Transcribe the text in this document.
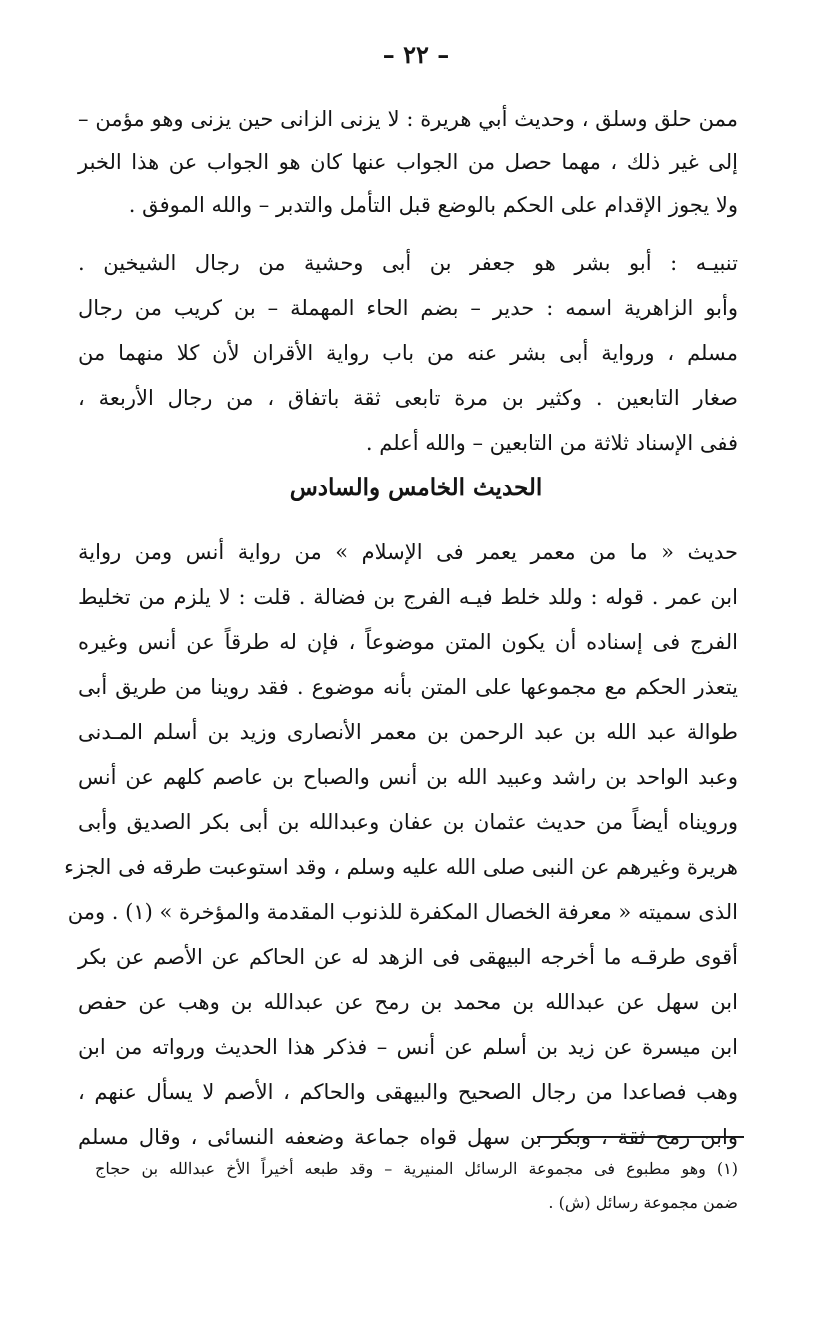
– ٢٢ –
ممن حلق وسلق ، وحديث أبي هريرة : لا يزنى الزانى حين يزنى وهو مؤمن –
إلى غير ذلك ، مهما حصل من الجواب عنها كان هو الجواب عن هذا الخبر
ولا يجوز الإقدام على الحكم بالوضع قبل التأمل والتدبر – والله الموفق .
تنبيـه : أبو بشر هو جعفر بن أبى وحشية من رجال الشيخين .
وأبو الزاهرية اسمه : حدير – بضم الحاء المهملة – بن كريب من رجال
مسلم ، ورواية أبى بشر عنه من باب رواية الأقران لأن كلا منهما من
صغار التابعين . وكثير بن مرة تابعى ثقة باتفاق ، من رجال الأربعة ،
ففى الإسناد ثلاثة من التابعين – والله أعلم .
الحديث الخامس والسادس
حديث « ما من معمر يعمر فى الإسلام » من رواية أنس ومن رواية
ابن عمر . قوله : وللد خلط فيـه الفرج بن فضالة . قلت : لا يلزم من تخليط
الفرج فى إسناده أن يكون المتن موضوعاً ، فإن له طرقاً عن أنس وغيره
يتعذر الحكم مع مجموعها على المتن بأنه موضوع . فقد روينا من طريق أبى
طوالة عبد الله بن عبد الرحمن بن معمر الأنصارى وزيد بن أسلم المـدنى
وعبد الواحد بن راشد وعبيد الله بن أنس والصباح بن عاصم كلهم عن أنس
ورويناه أيضاً من حديث عثمان بن عفان وعبدالله بن أبى بكر الصديق وأبى
هريرة وغيرهم عن النبى صلى الله عليه وسلم ، وقد استوعبت طرقه فى الجزء
الذى سميته « معرفة الخصال المكفرة للذنوب المقدمة والمؤخرة » (١) . ومن
أقوى طرقـه ما أخرجه البيهقى فى الزهد له عن الحاكم عن الأصم عن بكر
ابن سهل عن عبدالله بن محمد بن رمح عن عبدالله بن وهب عن حفص
ابن ميسرة عن زيد بن أسلم عن أنس – فذكر هذا الحديث ورواته من ابن
وهب فصاعدا من رجال الصحيح والبيهقى والحاكم ، الأصم لا يسأل عنهم ،
وابن رمح ثقة ، وبكر بن سهل قواه جماعة وضعفه النسائى ، وقال مسلم
(١) وهو مطبوع فى مجموعة الرسائل المنيرية – وقد طبعه أخيراً الأخ عبدالله بن حجاج
ضمن مجموعة رسائل (ش) .
